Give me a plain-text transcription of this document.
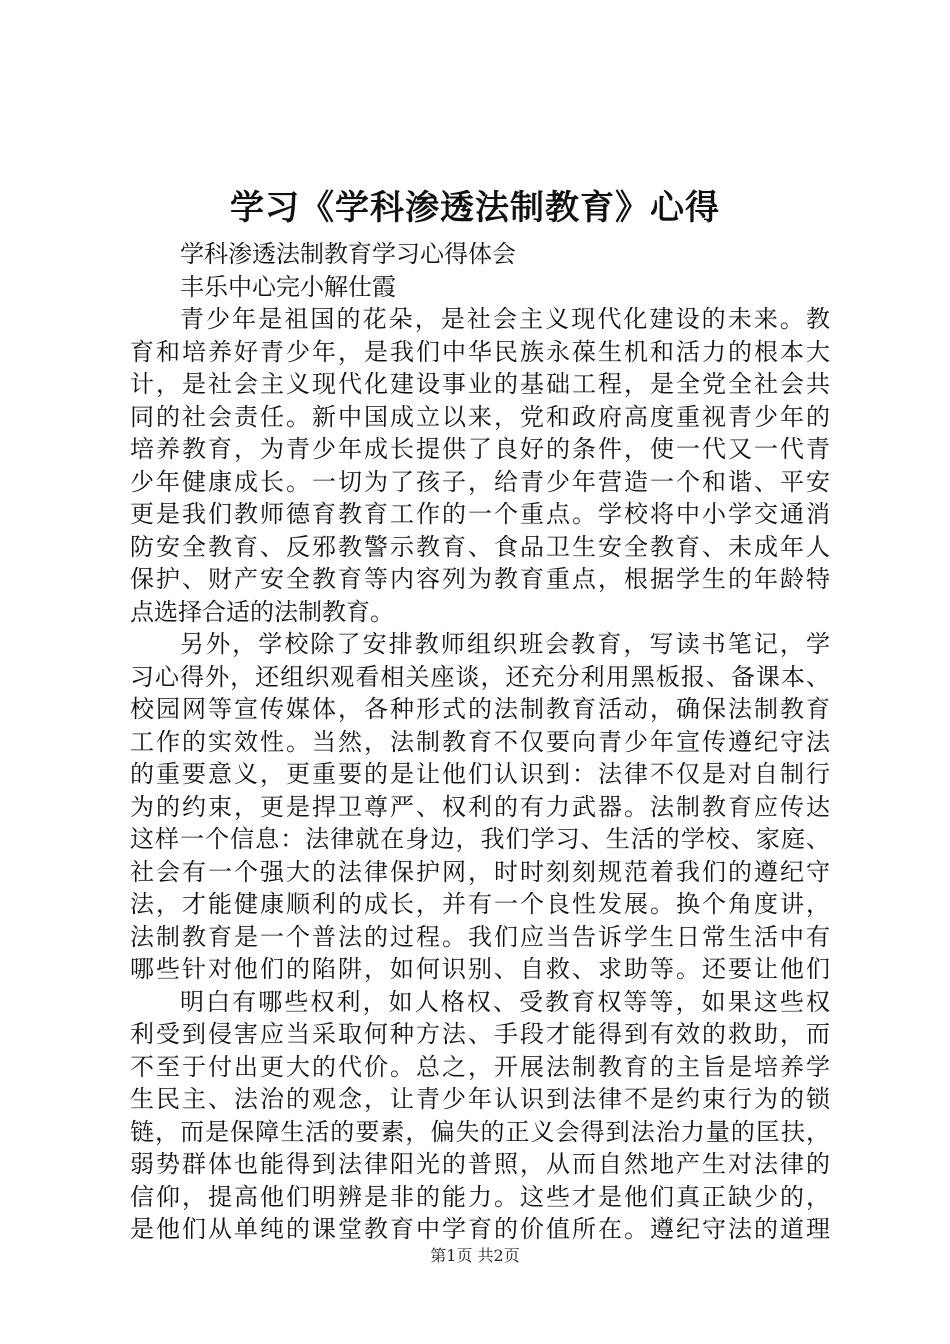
学习《学科渗透法制教育》心得
学科渗透法制教育学习心得体会
丰乐中心完小解仕霞
青少年是祖国的花朵，是社会主义现代化建设的未来。教
育和培养好青少年，是我们中华民族永葆生机和活力的根本大
计，是社会主义现代化建设事业的基础工程，是全党全社会共
同的社会责任。新中国成立以来，党和政府高度重视青少年的
培养教育，为青少年成长提供了良好的条件，使一代又一代青
少年健康成长。一切为了孩子，给青少年营造一个和谐、平安
更是我们教师德育教育工作的一个重点。学校将中小学交通消
防安全教育、反邪教警示教育、食品卫生安全教育、未成年人
保护、财产安全教育等内容列为教育重点，根据学生的年龄特
点选择合适的法制教育。
另外，学校除了安排教师组织班会教育，写读书笔记，学
习心得外，还组织观看相关座谈，还充分利用黑板报、备课本、
校园网等宣传媒体，各种形式的法制教育活动，确保法制教育
工作的实效性。当然，法制教育不仅要向青少年宣传遵纪守法
的重要意义，更重要的是让他们认识到：法律不仅是对自制行
为的约束，更是捍卫尊严、权利的有力武器。法制教育应传达
这样一个信息：法律就在身边，我们学习、生活的学校、家庭、
社会有一个强大的法律保护网，时时刻刻规范着我们的遵纪守
法，才能健康顺利的成长，并有一个良性发展。换个角度讲，
法制教育是一个普法的过程。我们应当告诉学生日常生活中有
哪些针对他们的陷阱，如何识别、自救、求助等。还要让他们
明白有哪些权利，如人格权、受教育权等等，如果这些权
利受到侵害应当采取何种方法、手段才能得到有效的救助，而
不至于付出更大的代价。总之，开展法制教育的主旨是培养学
生民主、法治的观念，让青少年认识到法律不是约束行为的锁
链，而是保障生活的要素，偏失的正义会得到法治力量的匡扶，
弱势群体也能得到法律阳光的普照，从而自然地产生对法律的
信仰，提高他们明辨是非的能力。这些才是他们真正缺少的，
是他们从单纯的课堂教育中学育的价值所在。遵纪守法的道理
第1页 共2页
